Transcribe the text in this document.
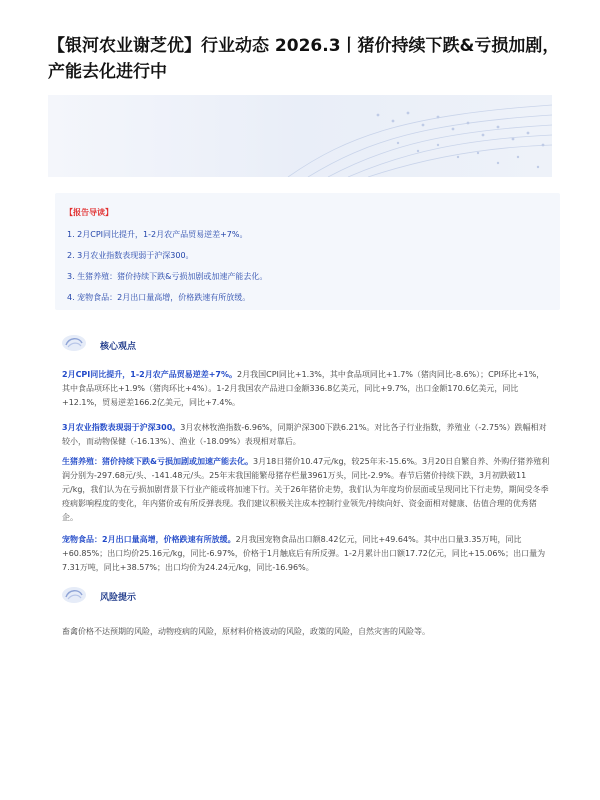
【银河农业谢芝优】行业动态 2026.3丨猪价持续下跌&亏损加剧，产能去化进行中
【报告导读】
1. 2月CPI同比提升，1-2月农产品贸易逆差+7%。
2. 3月农业指数表现弱于沪深300。
3. 生猪养殖：猪价持续下跌&亏损加剧或加速产能去化。
4. 宠物食品：2月出口量高增，价格跌速有所放缓。
核心观点

2月CPI同比提升，1-2月农产品贸易逆差+7%。2月我国CPI同比+1.3%，其中食品项同比+1.7%（猪肉同比-8.6%）；CPI环比+1%，其中食品项环比+1.9%（猪肉环比+4%）。1-2月我国农产品进口金额336.8亿美元，同比+9.7%，出口金额170.6亿美元，同比+12.1%，贸易逆差166.2亿美元，同比+7.4%。

3月农业指数表现弱于沪深300。3月农林牧渔指数-6.96%，同期沪深300下跌6.21%。对比各子行业指数，养殖业（-2.75%）跌幅相对较小，而动物保健（-16.13%）、渔业（-18.09%）表现相对靠后。

生猪养殖：猪价持续下跌&亏损加剧或加速产能去化。3月18日猪价10.47元/kg，较25年末-15.6%。3月20日自繁自养、外购仔猪养殖利润分别为-297.68元/头、-141.48元/头。25年末我国能繁母猪存栏量3961万头，同比-2.9%。春节后猪价持续下跌，3月初跌破11元/kg，我们认为在亏损加剧背景下行业产能或将加速下行。关于26年猪价走势，我们认为年度均价层面或呈现同比下行走势，期间受冬季疫病影响程度的变化，年内猪价或有所反弹表现。我们建议积极关注成本控制行业领先/持续向好、资金面相对健康、估值合理的优秀猪企。

宠物食品：2月出口量高增，价格跌速有所放缓。2月我国宠物食品出口额8.42亿元，同比+49.64%。其中出口量3.35万吨，同比+60.85%；出口均价25.16元/kg，同比-6.97%，价格于1月触底后有所反弹。1-2月累计出口额17.72亿元，同比+15.06%；出口量为7.31万吨，同比+38.57%；出口均价为24.24元/kg，同比-16.96%。

风险提示

畜禽价格不达预期的风险，动物疫病的风险，原材料价格波动的风险，政策的风险，自然灾害的风险等。
